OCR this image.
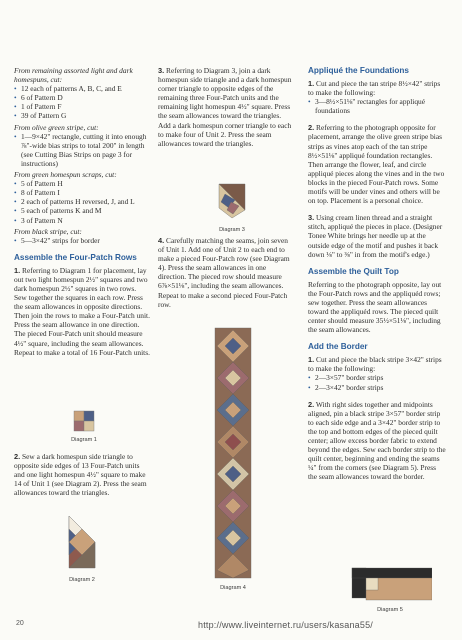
From remaining assorted light and dark homespuns, cut:

• 12 each of patterns A, B, C, and E
• 6 of Pattern D
• 1 of Pattern F
• 39 of Pattern G

From olive green stripe, cut:

• 1—9×42" rectangle, cutting it into enough ⅞"-wide bias strips to total 200" in length (see Cutting Bias Strips on page 3 for instructions)

From green homespun scraps, cut:

• 5 of Pattern H
• 8 of Pattern I
• 2 each of patterns H reversed, J, and L
• 5 each of patterns K and M
• 3 of Pattern N

From black stripe, cut:

• 5—3×42" strips for border
Assemble the Four-Patch Rows

1. Referring to Diagram 1 for placement, lay out two light homespun 2½" squares and two dark homespun 2½" squares in two rows. Sew together the squares in each row. Press the seam allowances in opposite directions. Then join the rows to make a Four-Patch unit. Press the seam allowance in one direction. The pieced Four-Patch unit should measure 4½" square, including the seam allowances. Repeat to make a total of 16 Four-Patch units.

Diagram 1

2. Sew a dark homespun side triangle to opposite side edges of 13 Four-Patch units and one light homespun 4½" square to make 14 of Unit 1 (see Diagram 2). Press the seam allowances toward the triangles.

Diagram 2

3. Referring to Diagram 3, join a dark homespun side triangle and a dark homespun corner triangle to opposite edges of the remaining three Four-Patch units and the remaining light homespun 4½" square. Press the seam allowances toward the triangles. Add a dark homespun corner triangle to each to make four of Unit 2. Press the seam allowances toward the triangles.

Diagram 3

4. Carefully matching the seams, join seven of Unit 1. Add one of Unit 2 to each end to make a pieced Four-Patch row (see Diagram 4). Press the seam allowances in one direction. The pieced row should measure 6⅞×51⅛", including the seam allowances. Repeat to make a second pieced Four-Patch row.

Diagram 4
Appliqué the Foundations

1. Cut and piece the tan stripe 8½×42" strips to make the following:

• 3—8½×51⅛" rectangles for appliqué foundations

2. Referring to the photograph opposite for placement, arrange the olive green stripe bias strips as vines atop each of the tan stripe 8½×51⅛" appliqué foundation rectangles. Then arrange the flower, leaf, and circle appliqué pieces along the vines and in the two blocks in the pieced Four-Patch rows. Some motifs will be under vines and others will be on top. Placement is a personal choice.

3. Using cream linen thread and a straight stitch, appliqué the pieces in place. (Designer Tonee White brings her needle up at the outside edge of the motif and pushes it back down ⅛" to ⅜" in from the motif's edge.)

Assemble the Quilt Top

Referring to the photograph opposite, lay out the Four-Patch rows and the appliquéd rows; sew together. Press the seam allowances toward the appliquéd rows. The pieced quilt center should measure 35½×51⅛", including the seam allowances.

Add the Border

1. Cut and piece the black stripe 3×42" strips to make the following:

• 2—3×57" border strips
• 2—3×42" border strips

2. With right sides together and midpoints aligned, pin a black stripe 3×57" border strip to each side edge and a 3×42" border strip to the top and bottom edges of the pieced quilt center; allow excess border fabric to extend beyond the edges. Sew each border strip to the quilt center, beginning and ending the seams ¼" from the corners (see Diagram 5). Press the seam allowances toward the border.

Diagram 5
20	http://www.liveinternet.ru/users/kasana55/
